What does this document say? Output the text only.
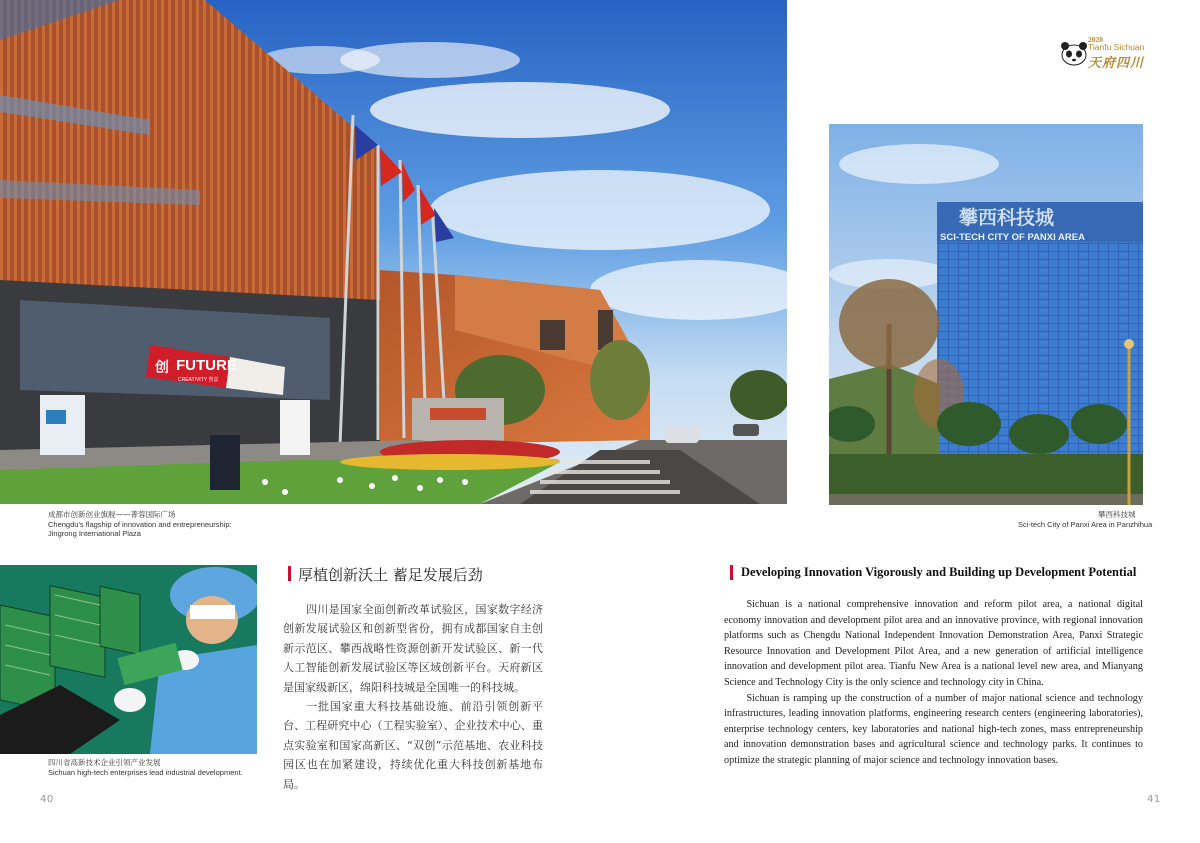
创 FUTURE
CREATIVITY 创意
成都市创新创业旗舰——菁蓉国际广场
Chengdu's flagship of innovation and entrepreneurship:
Jingrong International Plaza
2020
Tianfu Sichuan
天府四川
攀西科技城
SCI-TECH CITY OF PANXI AREA
攀西科技城
Sci-tech City of Panxi Area in Panzhihua
四川省高新技术企业引领产业发展
Sichuan high-tech enterprises lead industrial development.
厚植创新沃土 蓄足发展后劲

四川是国家全面创新改革试验区，国家数字经济创新发展试验区和创新型省份，拥有成都国家自主创新示范区、攀西战略性资源创新开发试验区、新一代人工智能创新发展试验区等区域创新平台。天府新区是国家级新区，绵阳科技城是全国唯一的科技城。

一批国家重大科技基础设施、前沿引领创新平台、工程研究中心（工程实验室）、企业技术中心、重点实验室和国家高新区、“双创”示范基地、农业科技园区也在加紧建设，持续优化重大科技创新基地布局。

Developing Innovation Vigorously and Building up Development Potential

Sichuan is a national comprehensive innovation and reform pilot area, a national digital economy innovation and development pilot area and an innovative province, with regional innovation platforms such as Chengdu National Independent Innovation Demonstration Area, Panxi Strategic Resource Innovation and Development Pilot Area, and a new generation of artificial intelligence innovation and development pilot area. Tianfu New Area is a national level new area, and Mianyang Science and Technology City is the only science and technology city in China.

Sichuan is ramping up the construction of a number of major national science and technology infrastructures, leading innovation platforms, engineering research centers (engineering laboratories), enterprise technology centers, key laboratories and national high-tech zones, mass entrepreneurship and innovation demonstration bases and agricultural science and technology parks. It continues to optimize the strategic planning of major science and technology innovation bases.

40	41
